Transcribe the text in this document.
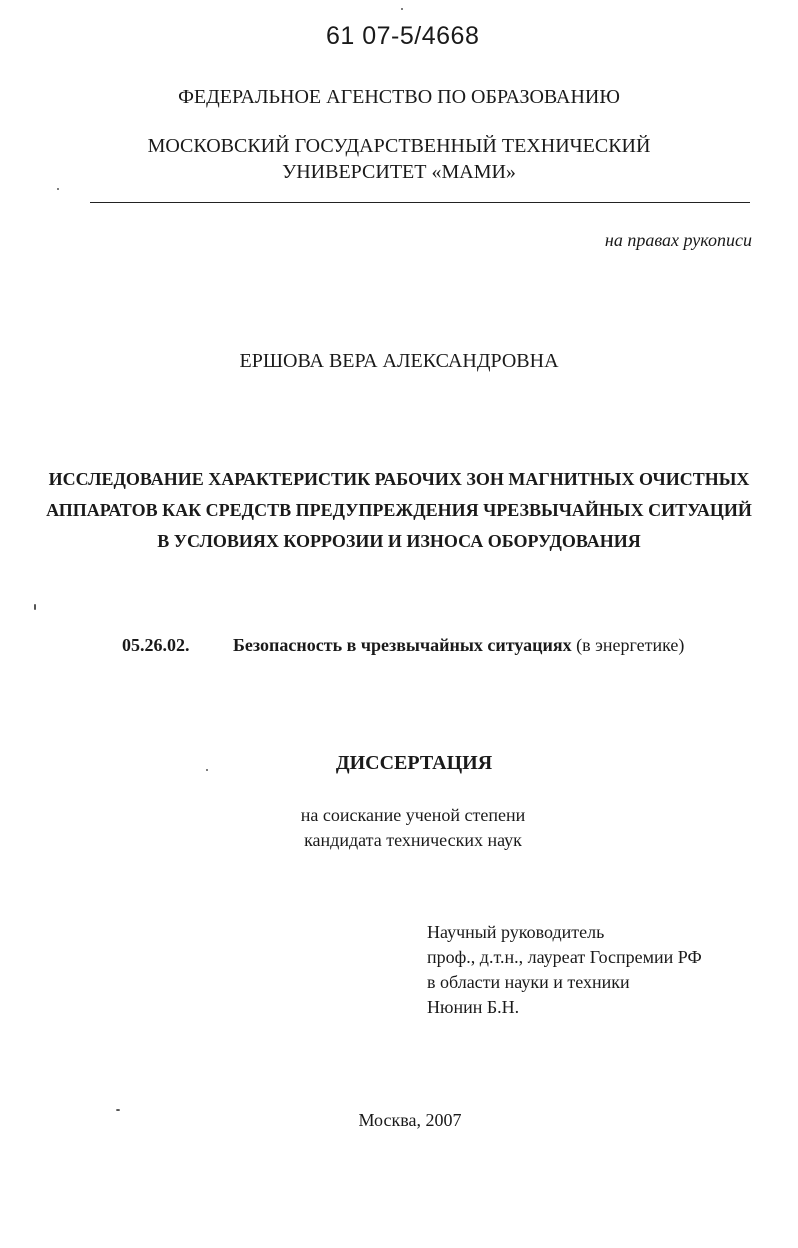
61 07-5/4668
ФЕДЕРАЛЬНОЕ АГЕНСТВО ПО ОБРАЗОВАНИЮ
МОСКОВСКИЙ ГОСУДАРСТВЕННЫЙ ТЕХНИЧЕСКИЙ
УНИВЕРСИТЕТ «МАМИ»
на правах рукописи
ЕРШОВА ВЕРА АЛЕКСАНДРОВНА
ИССЛЕДОВАНИЕ ХАРАКТЕРИСТИК РАБОЧИХ ЗОН МАГНИТНЫХ ОЧИСТНЫХ
АППАРАТОВ КАК СРЕДСТВ ПРЕДУПРЕЖДЕНИЯ ЧРЕЗВЫЧАЙНЫХ СИТУАЦИЙ
В УСЛОВИЯХ КОРРОЗИИ И ИЗНОСА ОБОРУДОВАНИЯ
05.26.02. Безопасность в чрезвычайных ситуациях (в энергетике)
ДИССЕРТАЦИЯ
на соискание ученой степени
кандидата технических наук
Научный руководитель
проф., д.т.н., лауреат Госпремии РФ
в области науки и техники
Нюнин Б.Н.
Москва, 2007
